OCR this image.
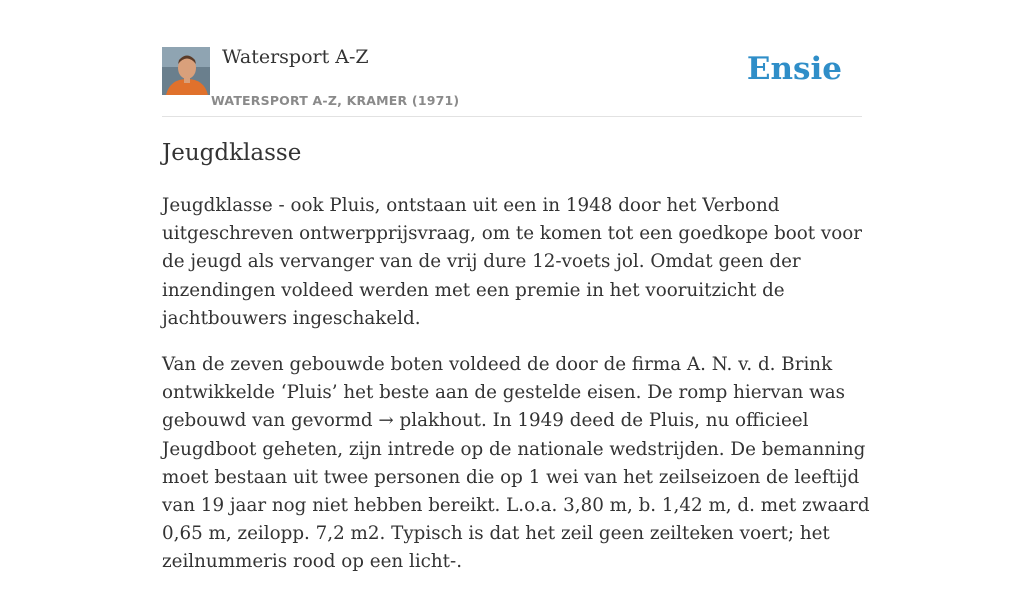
Watersport A-Z
WATERSPORT A-Z, KRAMER (1971)
Ensie
Jeugdklasse

Jeugdklasse - ook Pluis, ontstaan uit een in 1948 door het Verbond uitgeschreven ontwerpprijsvraag, om te komen tot een goedkope boot voor de jeugd als vervanger van de vrij dure 12-voets jol. Omdat geen der inzendingen voldeed werden met een premie in het vooruitzicht de jachtbouwers ingeschakeld.

Van de zeven gebouwde boten voldeed de door de firma A. N. v. d. Brink ontwikkelde ‘Pluis’ het beste aan de gestelde eisen. De romp hiervan was gebouwd van gevormd → plakhout. In 1949 deed de Pluis, nu officieel Jeugdboot geheten, zijn intrede op de nationale wedstrijden. De bemanning moet bestaan uit twee personen die op 1 wei van het zeilseizoen de leeftijd van 19 jaar nog niet hebben bereikt. L.o.a. 3,80 m, b. 1,42 m, d. met zwaard 0,65 m, zeilopp. 7,2 m2. Typisch is dat het zeil geen zeilteken voert; het zeilnummeris rood op een licht-.
